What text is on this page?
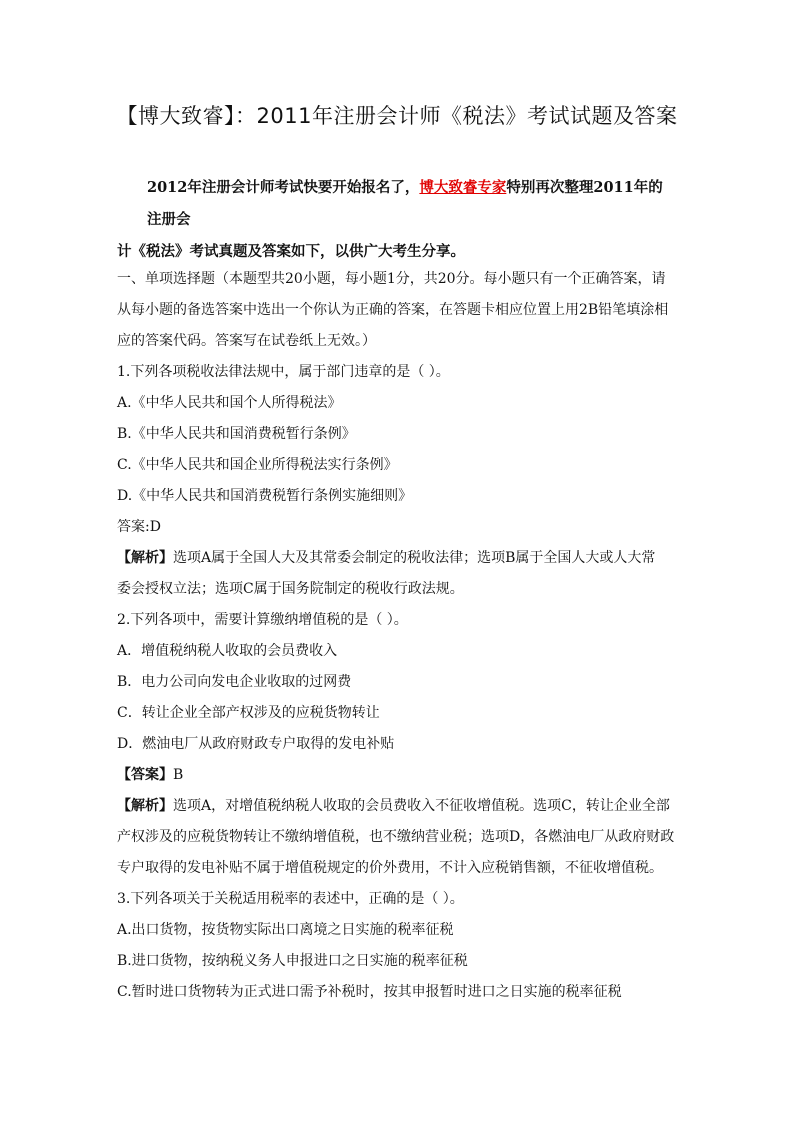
【博大致睿】：2011年注册会计师《税法》考试试题及答案
2012年注册会计师考试快要开始报名了，博大致睿专家特别再次整理2011年的注册会
计《税法》考试真题及答案如下，以供广大考生分享。
一、单项选择题（本题型共20小题，每小题1分，共20分。每小题只有一个正确答案，请
从每小题的备选答案中选出一个你认为正确的答案，在答题卡相应位置上用2B铅笔填涂相
应的答案代码。答案写在试卷纸上无效。）
1.下列各项税收法律法规中，属于部门违章的是（ ）。
A.《中华人民共和国个人所得税法》
B.《中华人民共和国消费税暂行条例》
C.《中华人民共和国企业所得税法实行条例》
D.《中华人民共和国消费税暂行条例实施细则》
答案:D
【解析】选项A属于全国人大及其常委会制定的税收法律；选项B属于全国人大或人大常
委会授权立法；选项C属于国务院制定的税收行政法规。
2.下列各项中，需要计算缴纳增值税的是（ ）。
A．增值税纳税人收取的会员费收入
B．电力公司向发电企业收取的过网费
C．转让企业全部产权涉及的应税货物转让
D．燃油电厂从政府财政专户取得的发电补贴
【答案】B
【解析】选项A，对增值税纳税人收取的会员费收入不征收增值税。选项C，转让企业全部
产权涉及的应税货物转让不缴纳增值税，也不缴纳营业税；选项D，各燃油电厂从政府财政
专户取得的发电补贴不属于增值税规定的价外费用，不计入应税销售额，不征收增值税。
3.下列各项关于关税适用税率的表述中，正确的是（ ）。
A.出口货物，按货物实际出口离境之日实施的税率征税
B.进口货物，按纳税义务人申报进口之日实施的税率征税
C.暂时进口货物转为正式进口需予补税时，按其申报暂时进口之日实施的税率征税
